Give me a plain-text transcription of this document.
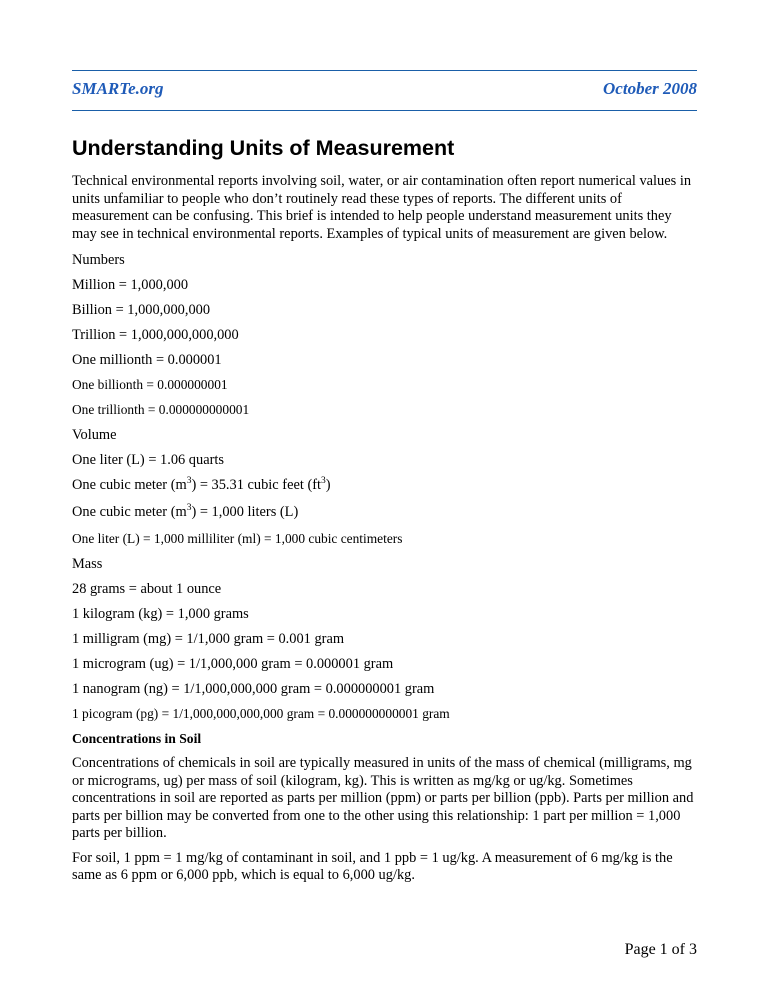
SMARTe.org	October 2008
Understanding Units of Measurement

Technical environmental reports involving soil, water, or air contamination often report numerical values in units unfamiliar to people who don’t routinely read these types of reports. The different units of measurement can be confusing. This brief is intended to help people understand measurement units they may see in technical environmental reports. Examples of typical units of measurement are given below.

Numbers
Million = 1,000,000
Billion = 1,000,000,000
Trillion = 1,000,000,000,000
One millionth = 0.000001
One billionth = 0.000000001
One trillionth = 0.000000000001
Volume
One liter (L) = 1.06 quarts
One cubic meter $(m^3) = 35.31$ cubic feet $(ft^3)$
One cubic meter $(m^3) = 1,000$ liters (L)
One liter (L) = 1,000 milliliter (ml) = 1,000 cubic centimeters
Mass
28 grams = about 1 ounce
1 kilogram (kg) = 1,000 grams
1 milligram (mg) = 1/1,000 gram = 0.001 gram
1 microgram (ug) = 1/1,000,000 gram = 0.000001 gram
1 nanogram (ng) = 1/1,000,000,000 gram = 0.000000001 gram
1 picogram (pg) = 1/1,000,000,000,000 gram = 0.000000000001 gram
Concentrations in Soil

Concentrations of chemicals in soil are typically measured in units of the mass of chemical (milligrams, mg or micrograms, ug) per mass of soil (kilogram, kg). This is written as mg/kg or ug/kg. Sometimes concentrations in soil are reported as parts per million (ppm) or parts per billion (ppb). Parts per million and parts per billion may be converted from one to the other using this relationship: 1 part per million = 1,000 parts per billion.

For soil, 1 ppm = 1 mg/kg of contaminant in soil, and 1 ppb = 1 ug/kg. A measurement of 6 mg/kg is the same as 6 ppm or 6,000 ppb, which is equal to 6,000 ug/kg.

Page 1 of 3
